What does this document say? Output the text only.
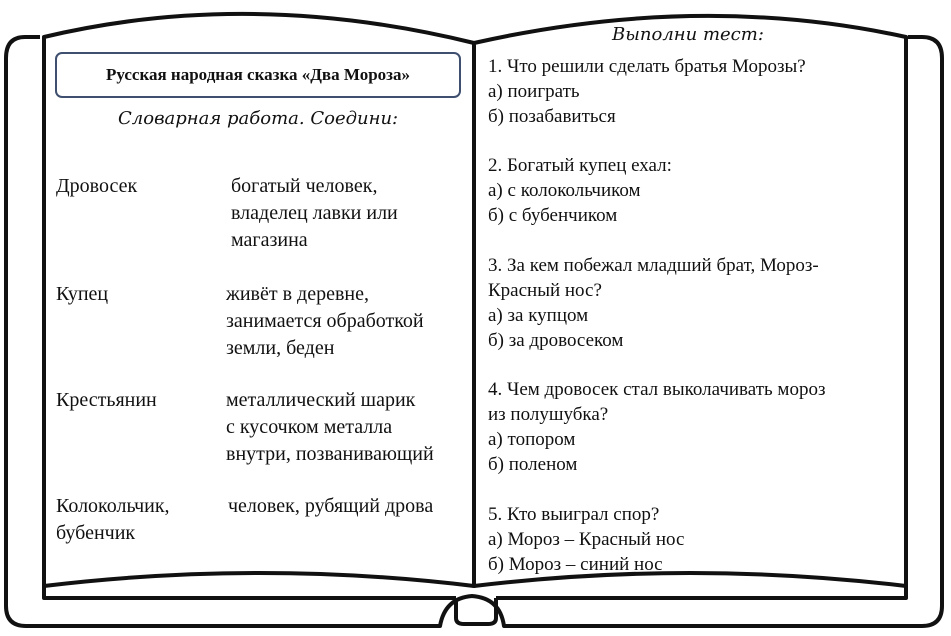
Русская народная сказка «Два Мороза»
Словарная работа. Соедини:
Дровосек
Купец
Крестьянин
Колокольчик,
бубенчик
богатый человек,
владелец лавки или
магазина
живёт в деревне,
занимается обработкой
земли, беден
металлический шарик
с кусочком металла
внутри, позванивающий
человек, рубящий дрова
Выполни тест:
1. Что решили сделать братья Морозы?
а) поиграть
б) позабавиться
2. Богатый купец ехал:
а) с колокольчиком
б) с бубенчиком
3. За кем побежал младший брат, Мороз-
Красный нос?
а) за купцом
б) за дровосеком
4. Чем дровосек стал выколачивать мороз
из полушубка?
а) топором
б) поленом
5. Кто выиграл спор?
а) Мороз – Красный нос
б) Мороз – синий нос
